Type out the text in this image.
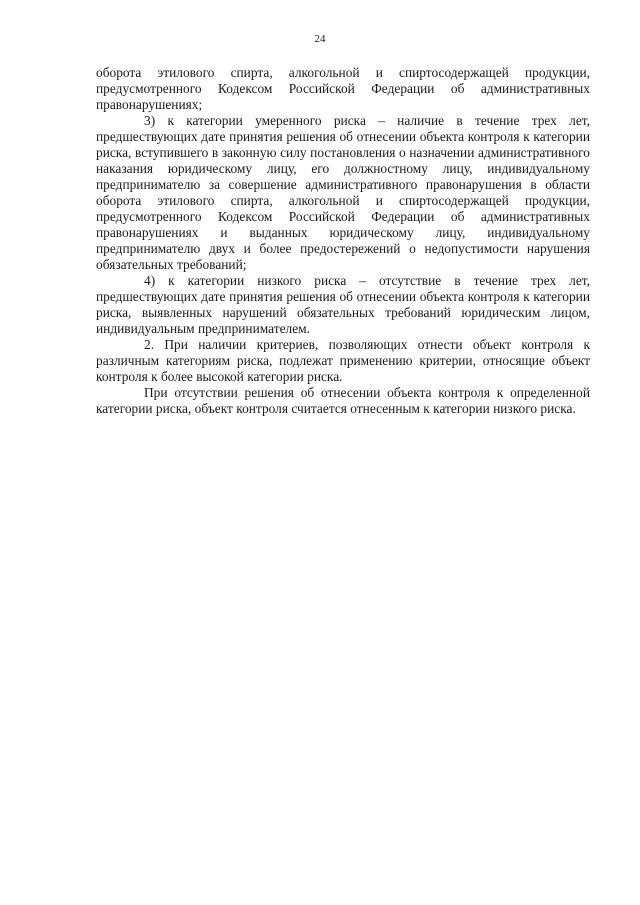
24

оборота этилового спирта, алкогольной и спиртосодержащей продукции, предусмотренного Кодексом Российской Федерации об административных правонарушениях;

3) к категории умеренного риска – наличие в течение трех лет, предшествующих дате принятия решения об отнесении объекта контроля к категории риска, вступившего в законную силу постановления о назначении административного наказания юридическому лицу, его должностному лицу, индивидуальному предпринимателю за совершение административного правонарушения в области оборота этилового спирта, алкогольной и спиртосодержащей продукции, предусмотренного Кодексом Российской Федерации об административных правонарушениях и выданных юридическому лицу, индивидуальному предпринимателю двух и более предостережений о недопустимости нарушения обязательных требований;

4) к категории низкого риска – отсутствие в течение трех лет, предшествующих дате принятия решения об отнесении объекта контроля к категории риска, выявленных нарушений обязательных требований юридическим лицом, индивидуальным предпринимателем.

2. При наличии критериев, позволяющих отнести объект контроля к различным категориям риска, подлежат применению критерии, относящие объект контроля к более высокой категории риска.

При отсутствии решения об отнесении объекта контроля к определенной категории риска, объект контроля считается отнесенным к категории низкого риска.
